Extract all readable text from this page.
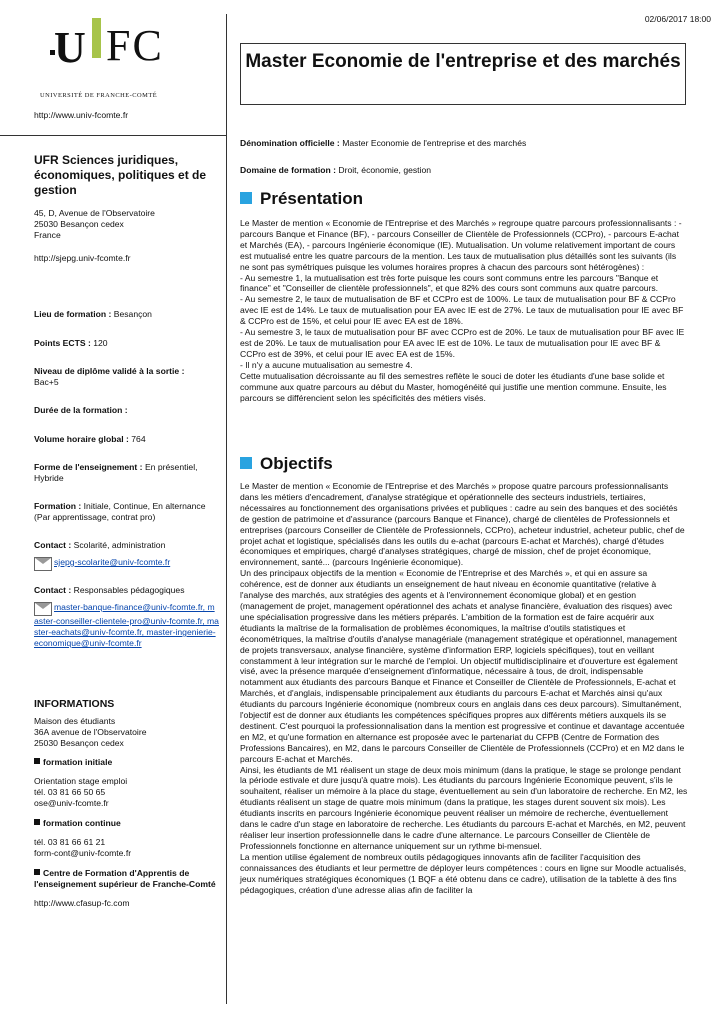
02/06/2017 18:00
U FC
UNIVERSITÉ DE FRANCHE-COMTÉ
http://www.univ-fcomte.fr

UFR Sciences juridiques, économiques, politiques et de gestion

45, D, Avenue de l'Observatoire
25030 Besançon cedex
France
http://sjepg.univ-fcomte.fr
Lieu de formation : Besançon
Points ECTS : 120
Niveau de diplôme validé à la sortie :
Bac+5
Durée de la formation :
Volume horaire global : 764
Forme de l'enseignement : En présentiel, Hybride
Formation : Initiale, Continue, En alternance (Par apprentissage, contrat pro)
Contact : Scolarité, administration
sjepg-scolarite@univ-fcomte.fr
Contact : Responsables pédagogiques
master-banque-finance@univ-fcomte.fr, master-conseiller-clientele-pro@univ-fcomte.fr, master-eachats@univ-fcomte.fr, master-ingenierie-economique@univ-fcomte.fr
INFORMATIONS
Maison des étudiants
36A avenue de l'Observatoire
25030 Besançon cedex
formation initiale
Orientation stage emploi
tél. 03 81 66 50 65
ose@univ-fcomte.fr
formation continue
tél. 03 81 66 61 21
form-cont@univ-fcomte.fr
Centre de Formation d'Apprentis de l'enseignement supérieur de Franche-Comté
http://www.cfasup-fc.com
Master Economie de l'entreprise et des marchés
Dénomination officielle : Master Economie de l'entreprise et des marchés
Domaine de formation : Droit, économie, gestion
Présentation

Le Master de mention « Economie de l'Entreprise et des Marchés » regroupe quatre parcours professionnalisants : - parcours Banque et Finance (BF), - parcours Conseiller de Clientèle de Professionnels (CCPro), - parcours E-achat et Marchés (EA), - parcours Ingénierie économique (IE). Mutualisation. Un volume relativement important de cours est mutualisé entre les quatre parcours de la mention. Les taux de mutualisation plus détaillés sont les suivants (ils ne sont pas symétriques puisque les volumes horaires propres à chacun des parcours sont hétérogènes) :

- Au semestre 1, la mutualisation est très forte puisque les cours sont communs entre les parcours "Banque et finance" et "Conseiller de clientèle professionnels", et que 82% des cours sont communs aux quatre parcours.

- Au semestre 2, le taux de mutualisation de BF et CCPro est de 100%. Le taux de mutualisation pour BF & CCPro avec IE est de 14%. Le taux de mutualisation pour EA avec IE est de 27%. Le taux de mutualisation pour IE avec BF & CCPro est de 15%, et celui pour IE avec EA est de 18%.

- Au semestre 3, le taux de mutualisation pour BF avec CCPro est de 20%. Le taux de mutualisation pour BF avec IE est de 20%. Le taux de mutualisation pour EA avec IE est de 10%. Le taux de mutualisation pour IE avec BF & CCPro est de 39%, et celui pour IE avec EA est de 15%.

- Il n'y a aucune mutualisation au semestre 4.

Cette mutualisation décroissante au fil des semestres reflète le souci de doter les étudiants d'une base solide et commune aux quatre parcours au début du Master, homogénéité qui justifie une mention commune. Ensuite, les parcours se différencient selon les spécificités des métiers visés.

Objectifs

Le Master de mention « Economie de l'Entreprise et des Marchés » propose quatre parcours professionnalisants dans les métiers d'encadrement, d'analyse stratégique et opérationnelle des secteurs industriels, tertiaires, nécessaires au fonctionnement des organisations privées et publiques : cadre au sein des banques et des sociétés de gestion de patrimoine et d'assurance (parcours Banque et Finance), chargé de clientèles de Professionnels et entreprises (parcours Conseiller de Clientèle de Professionnels, CCPro), acheteur industriel, acheteur public, chef de projet achat et logistique, spécialisés dans les outils du e-achat (parcours E-achat et Marchés), chargé d'études économiques et empiriques, chargé d'analyses stratégiques, chargé de mission, chef de projet économique, environnement, santé... (parcours Ingénierie économique).

Un des principaux objectifs de la mention « Economie de l'Entreprise et des Marchés », et qui en assure sa cohérence, est de donner aux étudiants un enseignement de haut niveau en économie quantitative (relative à l'analyse des marchés, aux stratégies des agents et à l'environnement économique global) et en gestion (management de projet, management opérationnel des achats et analyse financière, évaluation des risques) avec une spécialisation progressive dans les métiers préparés. L'ambition de la formation est de faire acquérir aux étudiants la maîtrise de la formalisation de problèmes économiques, la maîtrise d'outils statistiques et économétriques, la maîtrise d'outils d'analyse managériale (management stratégique et opérationnel, management de projets transversaux, analyse financière, système d'information ERP, logiciels spécifiques), tout en veillant constamment à leur intégration sur le marché de l'emploi. Un objectif multidisciplinaire et d'ouverture est également visé, avec la présence marquée d'enseignement d'informatique, nécessaire à tous, de droit, indispensable notamment aux étudiants des parcours Banque et Finance et Conseiller de Clientèle de Professionnels, E-achat et Marchés, et d'anglais, indispensable principalement aux étudiants du parcours E-achat et Marchés ainsi qu'aux étudiants du parcours Ingénierie économique (nombreux cours en anglais dans ces deux parcours). Simultanément, l'objectif est de donner aux étudiants les compétences spécifiques propres aux différents métiers auxquels ils se destinent. C'est pourquoi la professionnalisation dans la mention est progressive et continue et davantage accentuée en M2, et qu'une formation en alternance est proposée avec le partenariat du CFPB (Centre de Formation des Professions Bancaires), en M2, dans le parcours Conseiller de Clientèle de Professionnels (CCPro) et en M2 dans le parcours E-achat et Marchés.

Ainsi, les étudiants de M1 réalisent un stage de deux mois minimum (dans la pratique, le stage se prolonge pendant la période estivale et dure jusqu'à quatre mois). Les étudiants du parcours Ingénierie Economique peuvent, s'ils le souhaitent, réaliser un mémoire à la place du stage, éventuellement au sein d'un laboratoire de recherche. En M2, les étudiants réalisent un stage de quatre mois minimum (dans la pratique, les stages durent souvent six mois). Les étudiants inscrits en parcours Ingénierie économique peuvent réaliser un mémoire de recherche, éventuellement dans le cadre d'un stage en laboratoire de recherche. Les étudiants du parcours E-achat et Marchés, en M2, peuvent réaliser leur insertion professionnelle dans le cadre d'une alternance. Le parcours Conseiller de Clientèle de Professionnels fonctionne en alternance uniquement sur un rythme bi-mensuel.

La mention utilise également de nombreux outils pédagogiques innovants afin de faciliter l'acquisition des connaissances des étudiants et leur permettre de déployer leurs compétences : cours en ligne sur Moodle actualisés, jeux numériques stratégiques économiques (1 BQF a été obtenu dans ce cadre), utilisation de la tablette à des fins pédagogiques, création d'une adresse alias afin de faciliter la
